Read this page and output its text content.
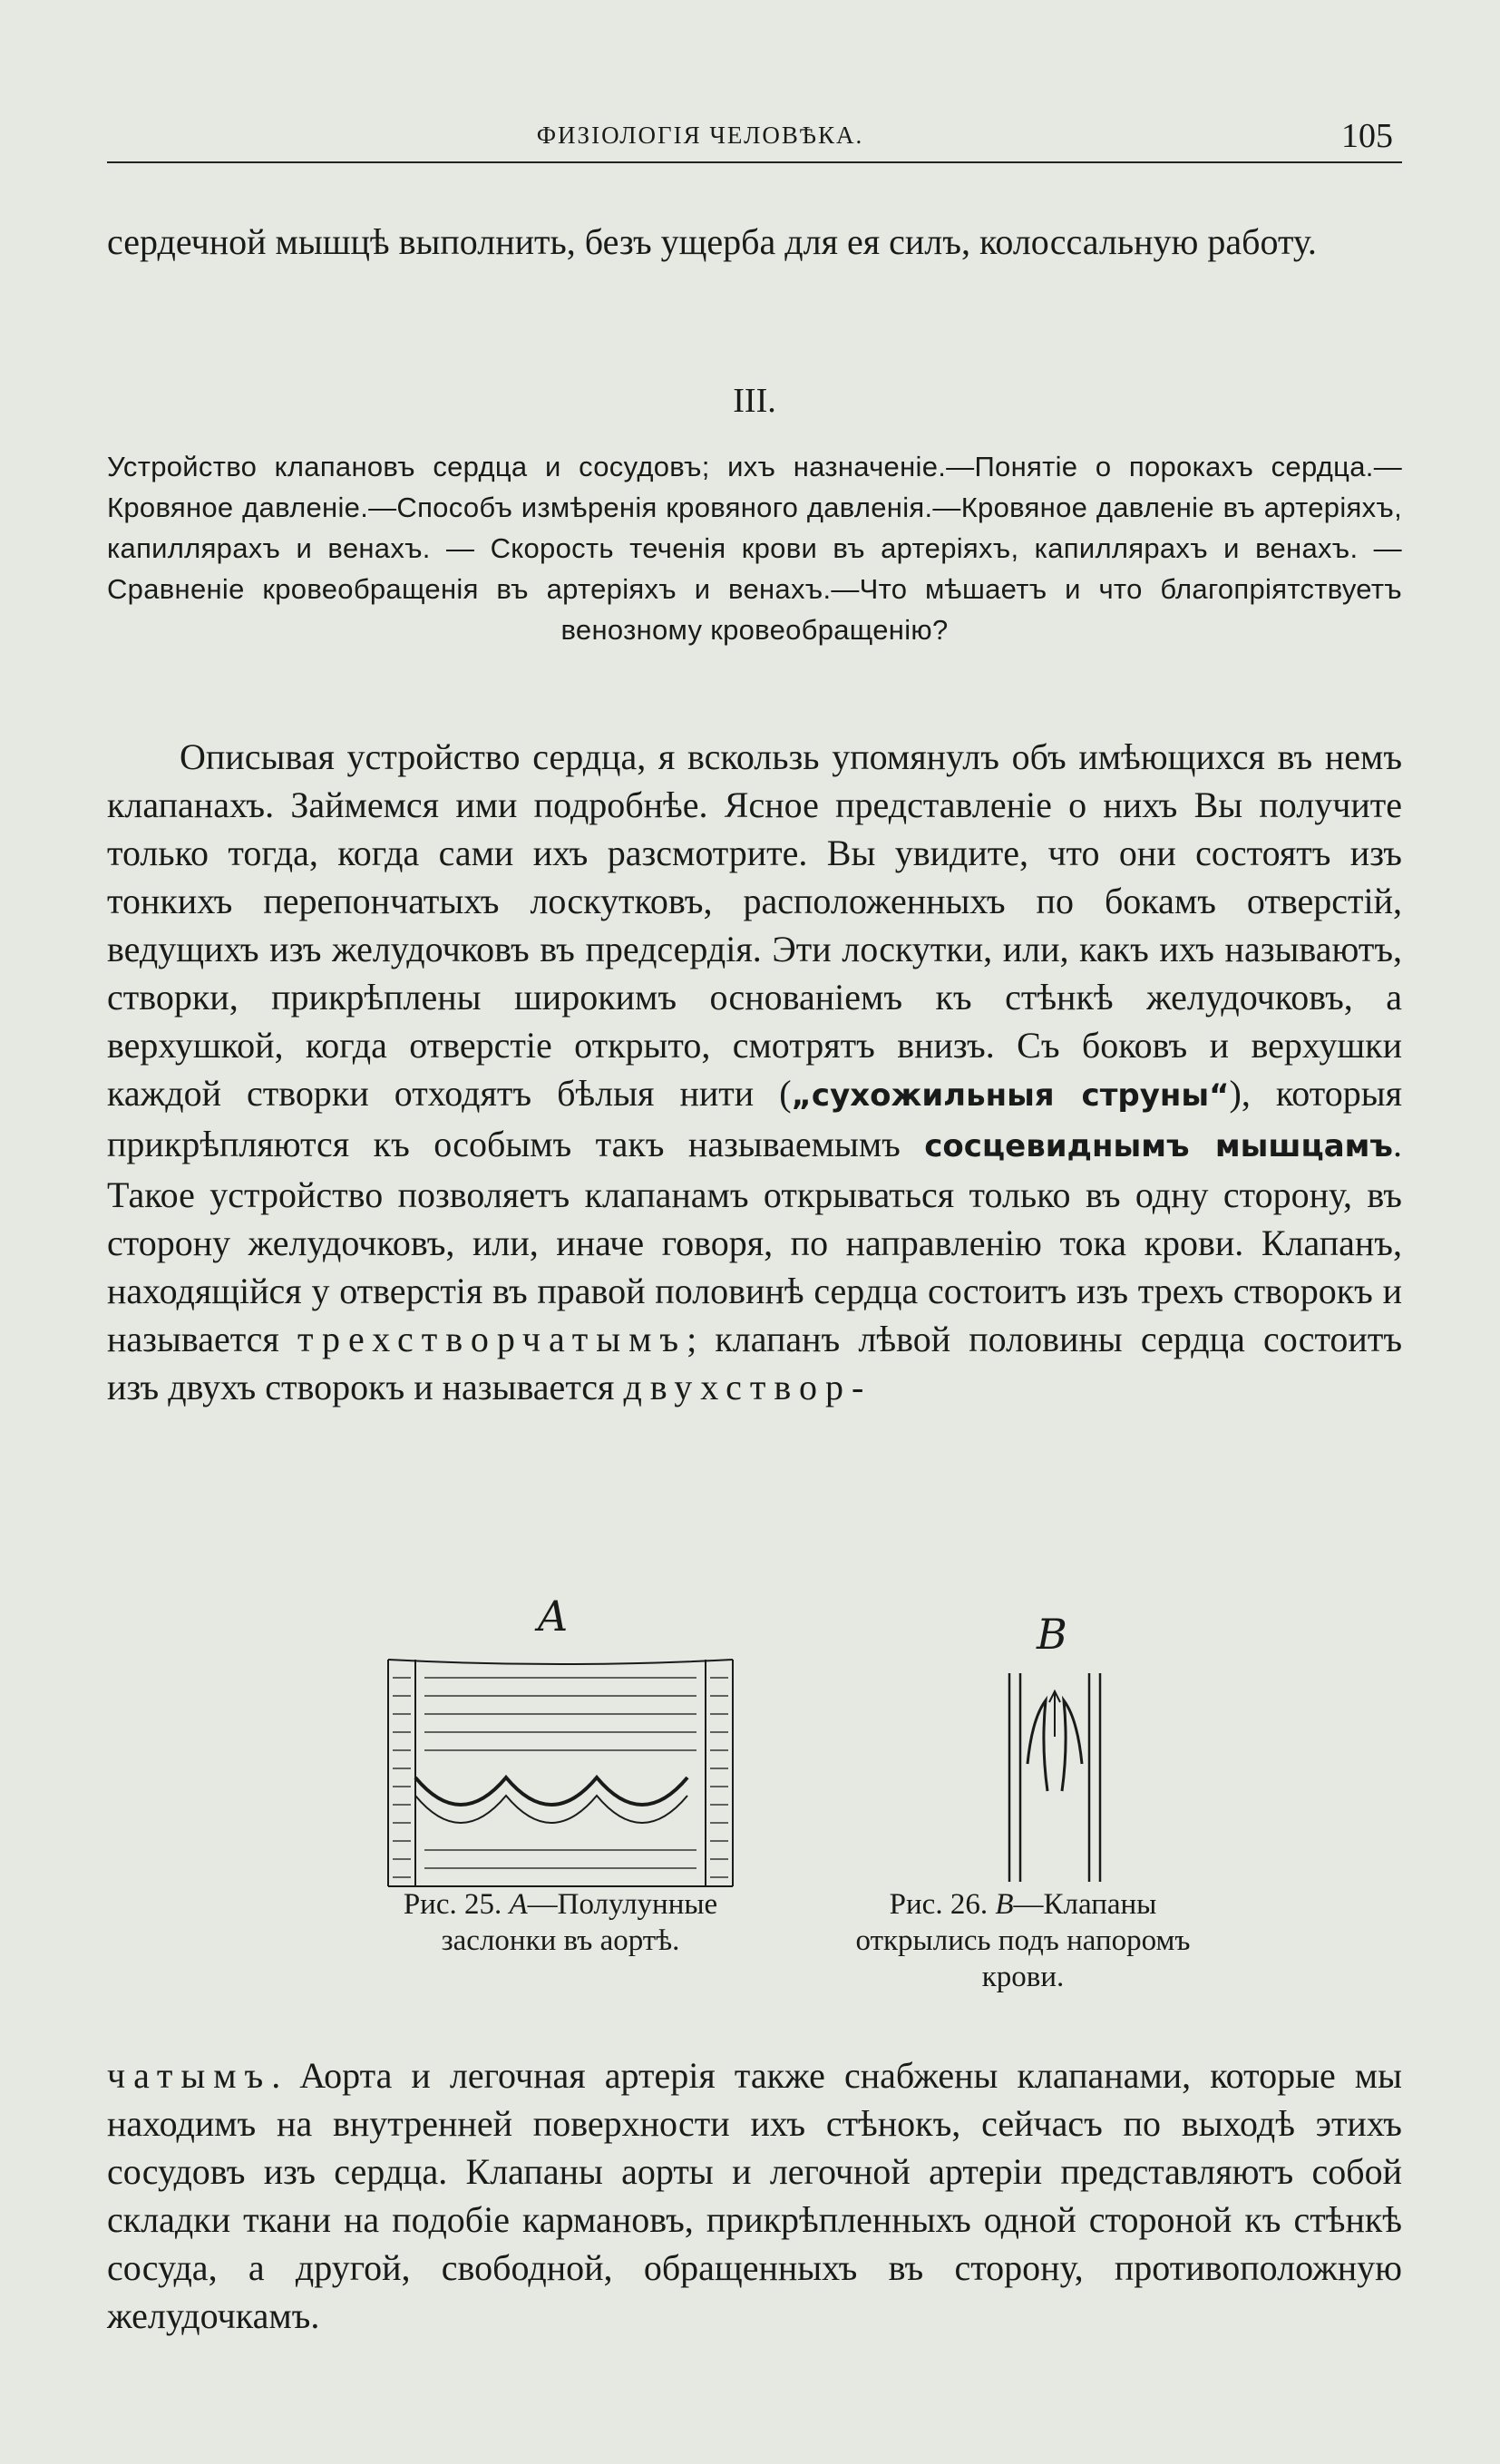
ФИЗІОЛОГІЯ ЧЕЛОВѢКА.	105

сердечной мышцѣ выполнить, безъ ущерба для ея силъ, колоссальную работу.

III.
Устройство клапановъ сердца и сосудовъ; ихъ назначеніе.—Понятіе о порокахъ сердца.—Кровяное давленіе.—Способъ измѣренія кровяного давленія.—Кровяное давленіе въ артеріяхъ, капиллярахъ и венахъ. — Скорость теченія крови въ артеріяхъ, капиллярахъ и венахъ. — Сравненіе кровеобращенія въ артеріяхъ и венахъ.—Что мѣшаетъ и что благопріятствуетъ венозному кровеобращенію?

Описывая устройство сердца, я вскользь упомянулъ объ имѣющихся въ немъ клапанахъ. Займемся ими подробнѣе. Ясное представленіе о нихъ Вы получите только тогда, когда сами ихъ разсмотрите. Вы увидите, что они состоятъ изъ тонкихъ перепончатыхъ лоскутковъ, расположенныхъ по бокамъ отверстій, ведущихъ изъ желудочковъ въ предсердія. Эти лоскутки, или, какъ ихъ называютъ, створки, прикрѣплены широкимъ основаніемъ къ стѣнкѣ желудочковъ, а верхушкой, когда отверстіе открыто, смотрятъ внизъ. Съ боковъ и верхушки каждой створки отходятъ бѣлыя нити („сухожильныя струны“), которыя прикрѣпляются къ особымъ такъ называемымъ сосцевиднымъ мышцамъ. Такое устройство позволяетъ клапанамъ открываться только въ одну сторону, въ сторону желудочковъ, или, иначе говоря, по направленію тока крови. Клапанъ, находящійся у отверстія въ правой половинѣ сердца состоитъ изъ трехъ створокъ и называется трехстворчатымъ; клапанъ лѣвой половины сердца состоитъ изъ двухъ створокъ и называется двухствор-

A	B
Рис. 25. A—Полулунные заслонки въ аортѣ.
Рис. 26. B—Клапаны открылись подъ напоромъ крови.

чатымъ. Аорта и легочная артерія также снабжены клапанами, которые мы находимъ на внутренней поверхности ихъ стѣнокъ, сейчасъ по выходѣ этихъ сосудовъ изъ сердца. Клапаны аорты и легочной артеріи представляютъ собой складки ткани на подобіе кармановъ, прикрѣпленныхъ одной стороной къ стѣнкѣ сосуда, а другой, свободной, обращенныхъ въ сторону, противоположную желудочкамъ.
